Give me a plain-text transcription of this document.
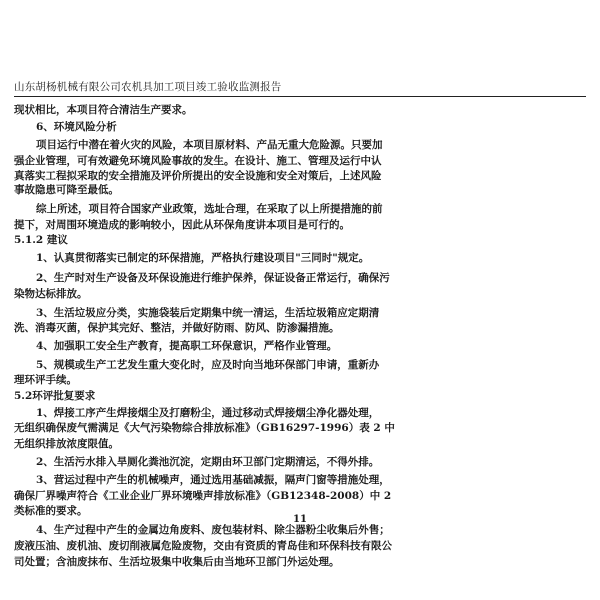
山东胡杨机械有限公司农机具加工项目竣工验收监测报告
现状相比，本项目符合清洁生产要求。
6、环境风险分析
项目运行中潜在着火灾的风险，本项目原材料、产品无重大危险源。只要加
强企业管理，可有效避免环境风险事故的发生。在设计、施工、管理及运行中认
真落实工程拟采取的安全措施及评价所提出的安全设施和安全对策后，上述风险
事故隐患可降至最低。
综上所述，项目符合国家产业政策，选址合理，在采取了以上所提措施的前
提下，对周围环境造成的影响较小，因此从环保角度讲本项目是可行的。
5.1.2 建议
1、认真贯彻落实已制定的环保措施，严格执行建设项目"三同时"规定。
2、生产时对生产设备及环保设施进行维护保养，保证设备正常运行，确保污
染物达标排放。
3、生活垃圾应分类，实施袋装后定期集中统一清运，生活垃圾箱应定期清
洗、消毒灭菌，保护其完好、整洁，并做好防雨、防风、防渗漏措施。
4、加强职工安全生产教育，提高职工环保意识，严格作业管理。
5、规模或生产工艺发生重大变化时，应及时向当地环保部门申请，重新办
理环评手续。
5.2环评批复要求
1、焊接工序产生焊接烟尘及打磨粉尘，通过移动式焊接烟尘净化器处理，
无组织确保废气需满足《大气污染物综合排放标准》（GB16297-1996）表 2 中
无组织排放浓度限值。
2、生活污水排入旱厕化粪池沉淀，定期由环卫部门定期清运，不得外排。
3、营运过程中产生的机械噪声，通过选用基础减振，隔声门窗等措施处理，
确保厂界噪声符合《工业企业厂界环境噪声排放标准》（GB12348-2008）中 2
类标准的要求。
4、生产过程中产生的金属边角废料、废包装材料、除尘器粉尘收集后外售；
废液压油、废机油、废切削液属危险废物，交由有资质的青岛佳和环保科技有限公
司处置；含油废抹布、生活垃圾集中收集后由当地环卫部门外运处理。
11
